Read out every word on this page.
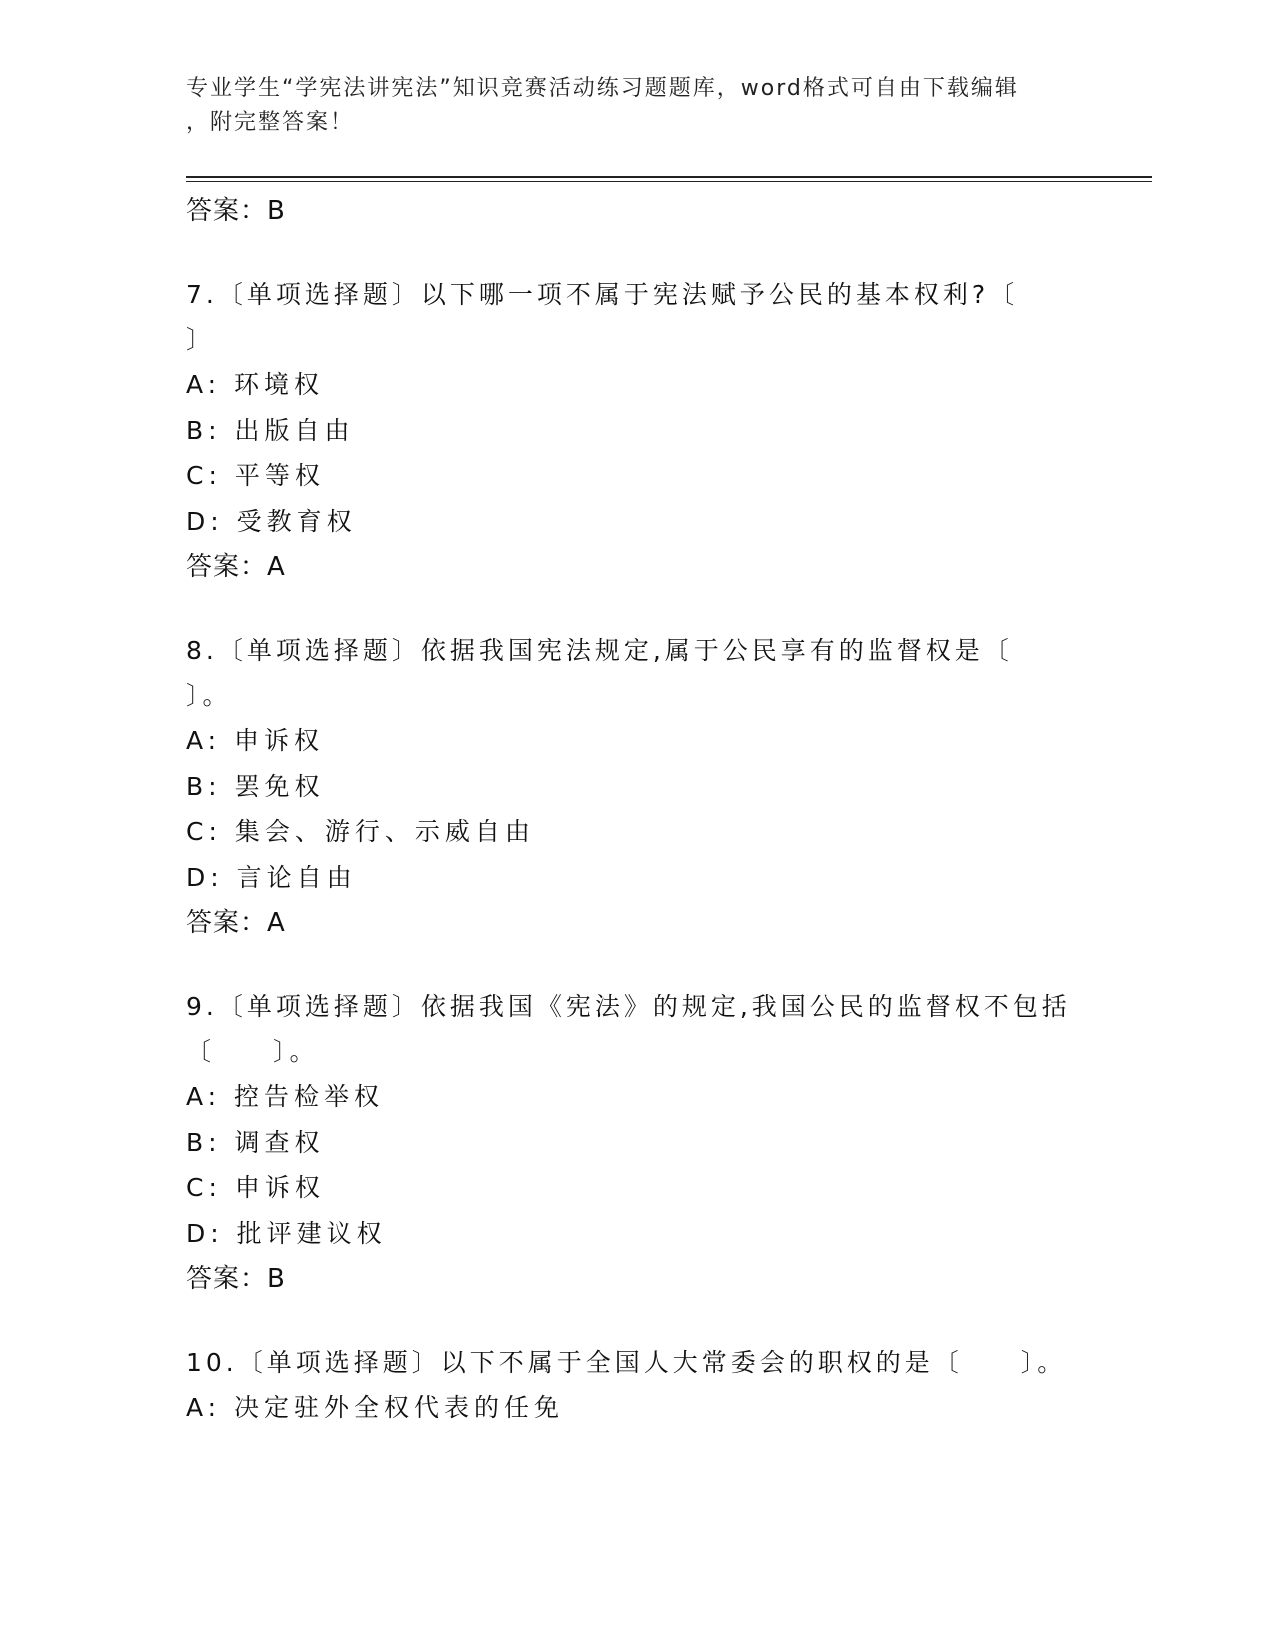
专业学生“学宪法讲宪法”知识竞赛活动练习题题库，word格式可自由下载编辑
，附完整答案！
答案：B
7.〔单项选择题〕以下哪一项不属于宪法赋予公民的基本权利?〔
〕
A: 环境权
B: 出版自由
C: 平等权
D: 受教育权
答案：A
8.〔单项选择题〕依据我国宪法规定,属于公民享有的监督权是〔
〕。
A: 申诉权
B: 罢免权
C: 集会、游行、示威自由
D: 言论自由
答案：A
9.〔单项选择题〕依据我国《宪法》的规定,我国公民的监督权不包括
〔　　〕。
A: 控告检举权
B: 调查权
C: 申诉权
D: 批评建议权
答案：B
10.〔单项选择题〕以下不属于全国人大常委会的职权的是〔　　〕。
A: 决定驻外全权代表的任免
